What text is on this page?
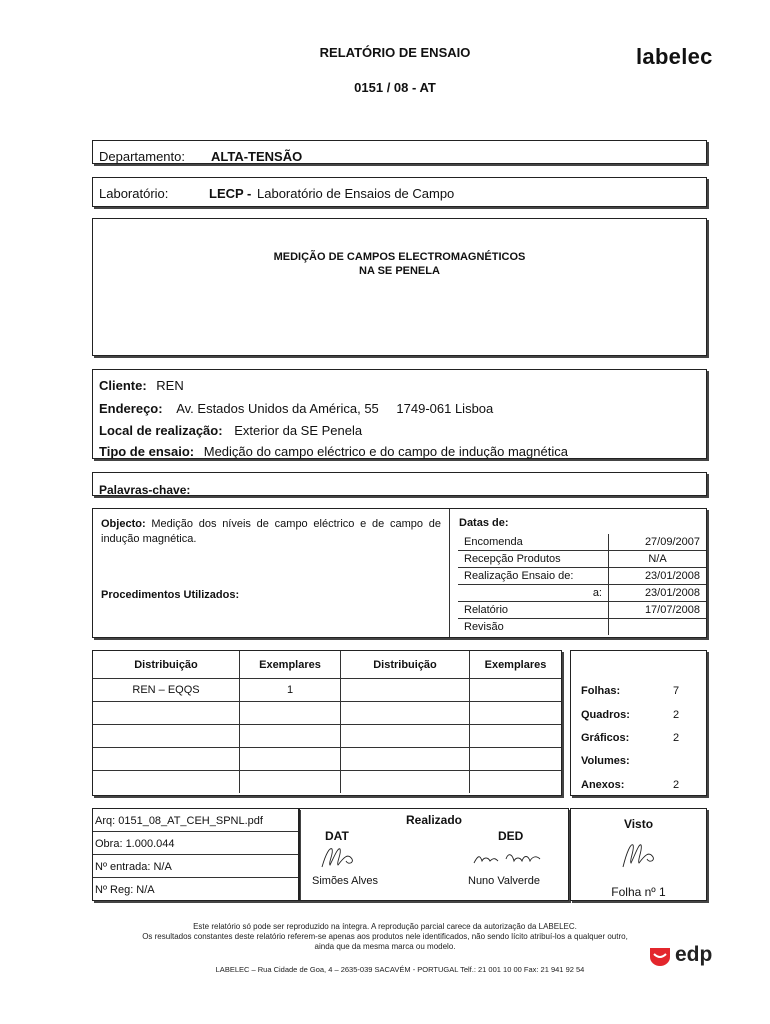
RELATÓRIO DE ENSAIO
0151 / 08 - AT
labelec
Departamento: ALTA-TENSÃO
Laboratório:	LECP - Laboratório de Ensaios de Campo
MEDIÇÃO DE CAMPOS ELECTROMAGNÉTICOS
NA SE PENELA
Cliente: REN
Endereço: Av. Estados Unidos da América, 55 1749-061 Lisboa
Local de realização: Exterior da SE Penela
Tipo de ensaio: Medição do campo eléctrico e do campo de indução magnética
Palavras-chave:
Objecto: Medição dos níveis de campo eléctrico e de campo de indução magnética.
Procedimentos Utilizados:
Datas de:
Encomenda	27/09/2007
Recepção Produtos	N/A
Realização Ensaio de:	23/01/2008
a:	23/01/2008
Relatório	17/07/2008
Revisão	
Distribuição	Exemplares	Distribuição	Exemplares
REN – EQQS	1		

				Folhas:	7
Quadros:	2
Gráficos:	2
Volumes:
Anexos:	2
Arq: 0151_08_AT_CEH_SPNL.pdf
Obra: 1.000.044
Nº entrada: N/A
Nº Reg: N/A
Realizado
DAT	DED
Simões Alves	Nuno Valverde
Visto
Folha nº 1
Este relatório só pode ser reproduzido na íntegra. A reprodução parcial carece da autorização da LABELEC.
Os resultados constantes deste relatório referem-se apenas aos produtos nele identificados, não sendo lícito atribuí-los a qualquer outro,
ainda que da mesma marca ou modelo.
LABELEC – Rua Cidade de Goa, 4 – 2635-039 SACAVÉM - PORTUGAL Telf.: 21 001 10 00 Fax: 21 941 92 54
edp
